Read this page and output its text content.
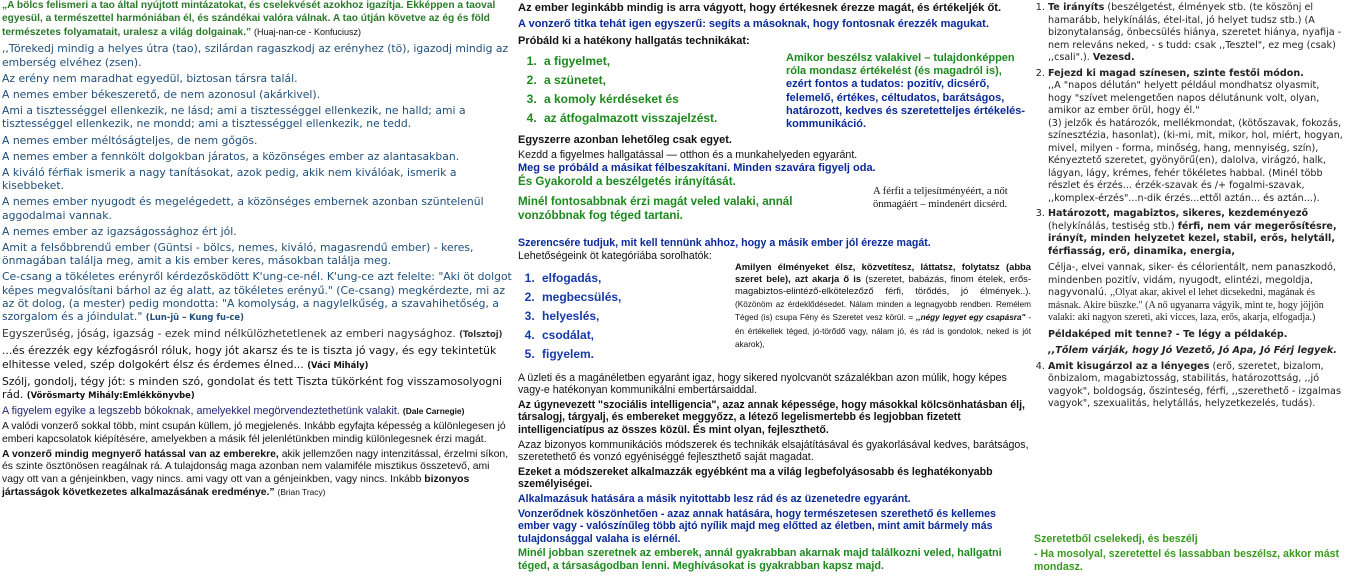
„A bölcs felismeri a tao által nyújtott mintázatokat, és cselekvését azokhoz igazítja. Ekképpen a taoval egyesül, a természettel harmóniában él, és szándékai valóra válnak. A tao útján követve az ég és föld természetes folyamatait, uralesz a világ dolgainak.” (Huaj-nan-ce - Konfuciusz)

,,Törekedj mindig a helyes útra (tao), szilárdan ragaszkodj az erényhez (tö), igazodj mindig az emberség elvéhez (zsen).

Az erény nem maradhat egyedül, biztosan társra talál.

A nemes ember békeszerető, de nem azonosul (akárkivel).

Ami a tisztességgel ellenkezik, ne lásd; ami a tisztességgel ellenkezik, ne halld; ami a tisztességgel ellenkezik, ne mondd; ami a tisztességgel ellenkezik, ne tedd.

A nemes ember méltóságteljes, de nem gőgös.

A nemes ember a fennkölt dolgokban járatos, a közönséges ember az alantasakban.

A kiváló férfiak ismerik a nagy tanításokat, azok pedig, akik nem kiválóak, ismerik a kisebbeket.

A nemes ember nyugodt és megelégedett, a közönséges embernek azonban szüntelenül aggodalmai vannak.

A nemes ember az igazságossághoz ért jól.

Amit a felsőbbrendű ember (Güntsi - bölcs, nemes, kiváló, magasrendű ember) - keres, önmagában találja meg, amit a kis ember keres, másokban találja meg.

Ce-csang a tökéletes erényről kérdezősködött K'ung-ce-nél. K'ung-ce azt felelte: "Aki öt dolgot képes megvalósítani bárhol az ég alatt, az tökéletes erényű." (Ce-csang) megkérdezte, mi az az öt dolog, (a mester) pedig mondotta: "A komolyság, a nagylelkűség, a szavahihetőség, a szorgalom és a jóindulat." (Lun-jü – Kung fu-ce)

Egyszerűség, jóság, igazság - ezek mind nélkülözhetetlenek az emberi nagysághoz. (Tolsztoj)

...és érezzék egy kézfogásról róluk, hogy jót akarsz és te is tiszta jó vagy, és egy tekintetük elhitesse veled, szép dolgokért élsz és érdemes élned... (Váci Mihály)

Szólj, gondolj, tégy jót: s minden szó, gondolat és tett Tiszta tükörként fog visszamosolyogni rád. (Vörösmarty Mihály:Emlékkönyvbe)

A figyelem egyike a legszebb bókoknak, amelyekkel megörvendeztethetünk valakit. (Dale Carnegie)

A valódi vonzerő sokkal több, mint csupán küllem, jó megjelenés. Inkább egyfajta képesség a különlegesen jó emberi kapcsolatok kiépítésére, amelyekben a másik fél jelenlétünkben mindig különlegesnek érzi magát.

A vonzerő mindig megnyerő hatással van az emberekre, akik jellemzően nagy intenzitással, érzelmi síkon, és szinte ösztönösen reagálnak rá. A tulajdonság maga azonban nem valamiféle misztikus összetevő, ami vagy ott van a génjeinkben, vagy nincs. ami vagy ott van a génjeinkben, vagy nincs. Inkább bizonyos jártasságok következetes alkalmazásának eredménye.” (Brian Tracy)

Az ember leginkább mindig is arra vágyott, hogy értékesnek érezze magát, és értékeljék őt.

A vonzerő titka tehát igen egyszerű: segíts a másoknak, hogy fontosnak érezzék magukat.

Próbáld ki a hatékony hallgatás technikákat:

1. a figyelmet,
2. a szünetet,
3. a komoly kérdéseket és
4. az átfogalmazott visszajelzést.
Amikor beszélsz valakivel – tulajdonképpen róla mondasz értékelést (és magadról is), ezért fontos a tudatos: pozitív, dicsérő, felemelő, értékes, céltudatos, barátságos, határozott, kedves és szeretetteljes értékelés-kommunikáció.

Egyszerre azonban lehetőleg csak egyet.

Kezdd a figyelmes hallgatással — otthon és a munkahelyeden egyaránt.

Meg se próbáld a másikat félbeszakítani. Minden szavára figyelj oda.

És Gyakorold a beszélgetés irányítását.

Minél fontosabbnak érzi magát veled valaki, annál vonzóbbnak fog téged tartani.

A férfit a teljesítményéért, a nőt önmagáért – mindenért dicsérd.

Szerencsére tudjuk, mit kell tennünk ahhoz, hogy a másik ember jól érezze magát.

Lehetőségeink öt kategóriába sorolhatók:

1. elfogadás,
2. megbecsülés,
3. helyeslés,
4. csodálat,
5. figyelem.
Amilyen élményeket élsz, közvetítesz, láttatsz, folytatsz (abba szeret bele), azt akarja ő is (szeretet, babázás, finom ételek, erős-magabiztos-elintéző-elkötelezőző férfi, törődés, jó élmények..). (Közönöm az érdeklődésedet. Nálam minden a legnagyobb rendben. Remélem Téged (is) csupa Fény és Szeretet vesz körül. = ,,négy legyet egy csapásra" - én értékellek téged, jó-törődő vagy, nálam jó, és rád is gondolok, neked is jót akarok),

A üzleti és a magánéletben egyaránt igaz, hogy sikered nyolcvanöt százalékban azon múlik, hogy képes vagy-e hatékonyan kommunikálni embertársaiddal.

Az úgynevezett "szociális intelligencia", azaz annak képessége, hogy másokkal kölcsönhatásban élj, társalogj, tárgyalj, és embereket meggyőzz, a létező legelismertebb és legjobban fizetett intelligenciatípus az összes közül. És mint olyan, fejleszthető.

Azaz bizonyos kommunikációs módszerek és technikák elsajátításával és gyakorlásával kedves, barátságos, szeretethető és vonzó egyéniséggé fejleszthető saját magadat.

Ezeket a módszereket alkalmazzák egyébként ma a világ legbefolyásosabb és leghatékonyabb személyiségei.

Alkalmazásuk hatására a másik nyitottabb lesz rád és az üzenetedre egyaránt.

Vonzerődnek köszönhetően - azaz annak hatására, hogy természetesen szerethető és kellemes ember vagy - valószínűleg több ajtó nyílik majd meg előtted az életben, mint amit bármely más tulajdonsággal valaha is elérnél.

Minél jobban szeretnek az emberek, annál gyakrabban akarnak majd találkozni veled, hallgatni téged, a társaságodban lenni. Meghívásokat is gyakrabban kapsz majd.

1. Te irányíts (beszélgetést, élmények stb. (te köszönj el hamarább, helykínálás, étel-ital, jó helyet tudsz stb.) (A bizonytalanság, önbecsülés hiánya, szeretet hiánya, nyafija - nem releváns neked, - s tudd: csak ,,Tesztel", ez meg (csak) ,,csali".). Vezesd.
2. Fejezd ki magad színesen, szinte festői módon.
,,A "napos délután" helyett például mondhatsz olyasmit, hogy "szívet melengetően napos délutánunk volt, olyan, amikor az ember örül, hogy él."
(3) jelzők és határozók, mellékmondat, (kötőszavak, fokozás, színesztézia, hasonlat), (ki-mi, mit, mikor, hol, miért, hogyan, mivel, milyen - forma, minőség, hang, mennyiség, szín), Kényeztető szeretet, gyönyörű(en), dalolva, virágzó, halk, lágyan, lágy, krémes, fehér tökéletes habbal. (Minél több részlet és érzés... érzék-szavak és /+ fogalmi-szavak, ,,komplex-érzés"...n-dik érzés...ettől aztán... és aztán...).
3. Határozott, magabiztos, sikeres, kezdeményező (helykínálás, testiség stb.) férfi, nem vár megerősítésre, irányít, minden helyzetet kezel, stabil, erős, helytáll, férfiasság, erő, dinamika, energia,
Célja-, elvei vannak, siker- és célorientált, nem panaszkodó, mindenben pozitív, vidám, nyugodt, elintézi, megoldja, nagyvonalú. ,,Olyat akar, akivel el lehet dicsekedni, magának és másnak. Akire büszke." (A nő ugyanarra vágyik, mint te, hogy jöjjön valaki: aki nagyon szereti, aki vicces, laza, erős, akarja, elfogadja.)
Példaképed mit tenne? - Te légy a példakép.
,,Tőlem várják, hogy Jó Vezető, Jó Apa, Jó Férj legyek.
4. Amit kisugárzol az a lényeges (erő, szeretet, bizalom, önbizalom, magabiztosság, stabilitás, határozottság, ,,jó vagyok", boldogság, őszinteség, férfi, ,,szerethető - izgalmas vagyok", szexualitás, helytállás, helyzetkezelés, tudás).
Szeretetből cselekedj, és beszélj
- Ha mosolyal, szeretettel és lassabban beszélsz, akkor mást mondasz.
